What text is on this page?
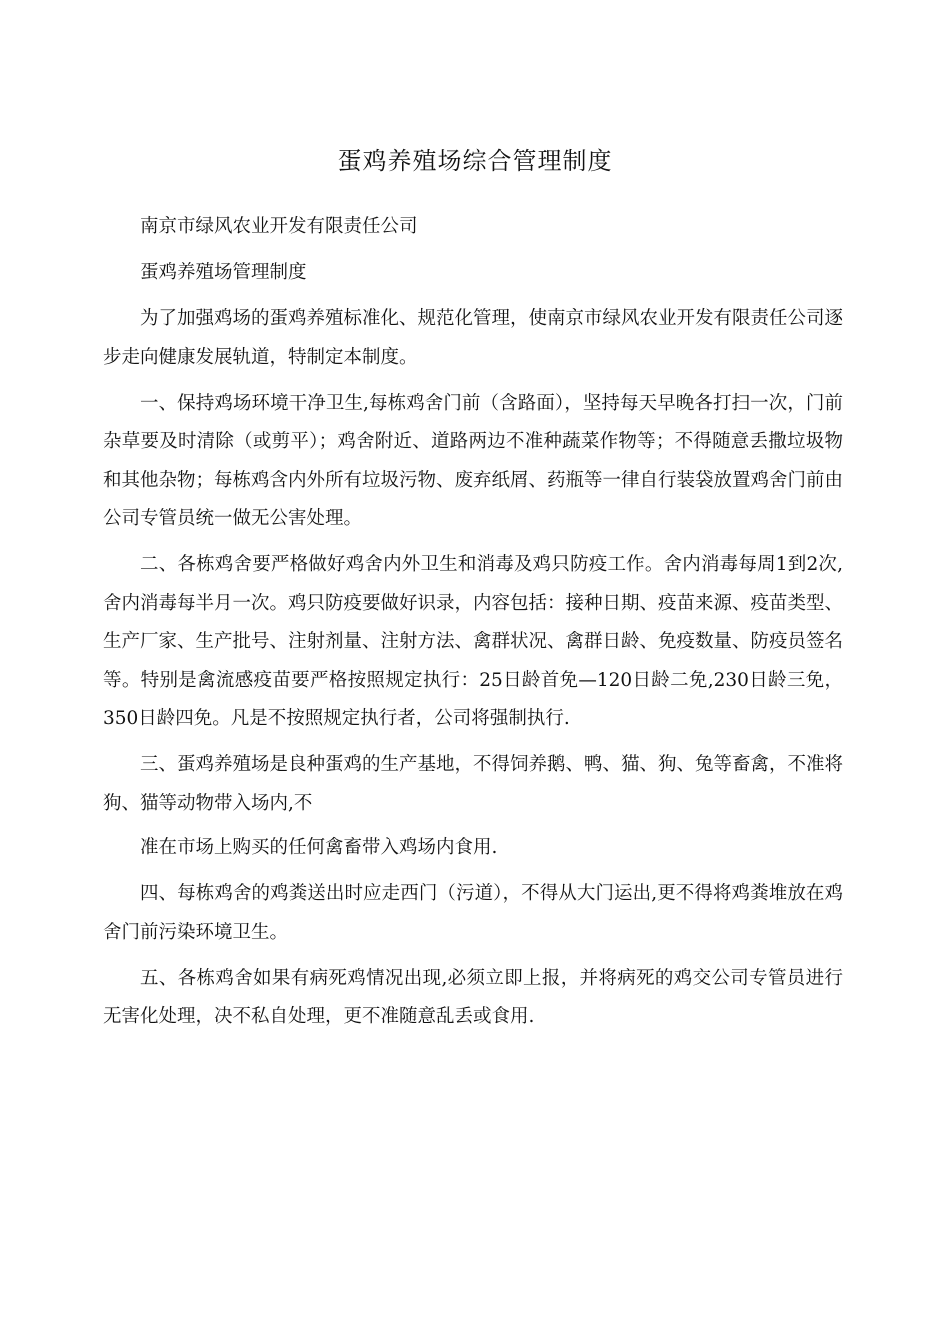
蛋鸡养殖场综合管理制度

南京市绿风农业开发有限责任公司

蛋鸡养殖场管理制度

为了加强鸡场的蛋鸡养殖标准化、规范化管理，使南京市绿风农业开发有限责任公司逐步走向健康发展轨道，特制定本制度。

一、保持鸡场环境干净卫生,每栋鸡舍门前（含路面），坚持每天早晚各打扫一次，门前杂草要及时清除（或剪平）；鸡舍附近、道路两边不准种蔬菜作物等；不得随意丢撒垃圾物和其他杂物；每栋鸡含内外所有垃圾污物、废弃纸屑、药瓶等一律自行装袋放置鸡舍门前由公司专管员统一做无公害处理。

二、各栋鸡舍要严格做好鸡舍内外卫生和消毒及鸡只防疫工作。舍内消毒每周1到2次,舍内消毒每半月一次。鸡只防疫要做好识录，内容包括：接种日期、疫苗来源、疫苗类型、生产厂家、生产批号、注射剂量、注射方法、禽群状况、禽群日龄、免疫数量、防疫员签名等。特别是禽流感疫苗要严格按照规定执行：25日龄首免—120日龄二免,230日龄三免，350日龄四免。凡是不按照规定执行者，公司将强制执行.

三、蛋鸡养殖场是良种蛋鸡的生产基地，不得饲养鹅、鸭、猫、狗、兔等畜禽，不准将狗、猫等动物带入场内,不

准在市场上购买的任何禽畜带入鸡场内食用.

四、每栋鸡舍的鸡粪送出时应走西门（污道），不得从大门运出,更不得将鸡粪堆放在鸡舍门前污染环境卫生。

五、各栋鸡舍如果有病死鸡情况出现,必须立即上报，并将病死的鸡交公司专管员进行无害化处理，决不私自处理，更不准随意乱丢或食用.
